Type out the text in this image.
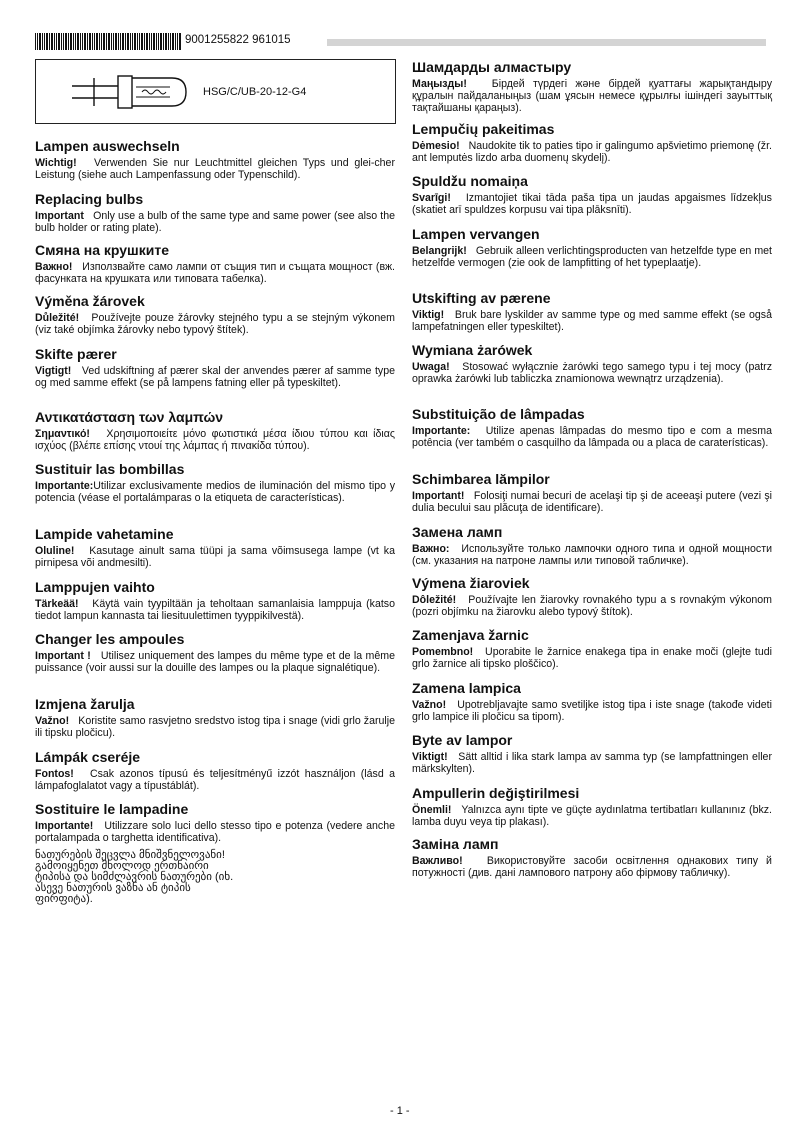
9001255822 961015
HSG/C/UB-20-12-G4
Lampen auswechseln

Wichtig! Verwenden Sie nur Leuchtmittel gleichen Typs und glei-cher Leistung (siehe auch Lampenfassung oder Typenschild).

Replacing bulbs

Important Only use a bulb of the same type and same power (see also the bulb holder or rating plate).

Смяна на крушките

Важно! Използвайте само лампи от същия тип и същата мощност (вж. фасунката на крушката или типовата табелка).

Výměna žárovek

Důležité! Používejte pouze žárovky stejného typu a se stejným výkonem (viz také objímka žárovky nebo typový štítek).

Skifte pærer

Vigtigt! Ved udskiftning af pærer skal der anvendes pærer af samme type og med samme effekt (se på lampens fatning eller på typeskiltet).

Αντικατάσταση των λαμπών

Σημαντικό! Χρησιμοποιείτε μόνο φωτιστικά μέσα ίδιου τύπου και ίδιας ισχύος (βλέπε επίσης ντουί της λάμπας ή πινακίδα τύπου).

Sustituir las bombillas

Importante:Utilizar exclusivamente medios de iluminación del mismo tipo y potencia (véase el portalámparas o la etiqueta de características).

Lampide vahetamine

Oluline! Kasutage ainult sama tüüpi ja sama võimsusega lampe (vt ka pirnipesa või andmesilti).

Lamppujen vaihto

Tärkeää! Käytä vain tyypiltään ja teholtaan samanlaisia lamppuja (katso tiedot lampun kannasta tai liesituulettimen tyyppikilvestä).

Changer les ampoules

Important ! Utilisez uniquement des lampes du même type et de la même puissance (voir aussi sur la douille des lampes ou la plaque signalétique).

Izmjena žarulja

Važno! Koristite samo rasvjetno sredstvo istog tipa i snage (vidi grlo žarulje ili tipsku pločicu).

Lámpák cseréje

Fontos! Csak azonos típusú és teljesítményű izzót használjon (lásd a lámpafoglalatot vagy a típustáblát).

Sostituire le lampadine

Importante! Utilizzare solo luci dello stesso tipo e potenza (vedere anche portalampada o targhetta identificativa).

ნათურების შეცვლა მნიშვნელოვანი! გამოიყენეთ მხოლოდ ერთნაირი ტიპისა და სიმძლავრის ნათურები (იხ. ასევე ნათურის ვაზნა ან ტიპის ფირფიტა).
Шамдарды алмастыру

Маңызды! Бірдей түрдегі және бірдей қуаттағы жарықтандыру құралын пайдаланыңыз (шам ұясын немесе құрылғы ішіндегі зауыттық тақтайшаны қараңыз).

Lempučių pakeitimas

Dėmesio! Naudokite tik to paties tipo ir galingumo apšvietimo priemonę (žr. ant lemputės lizdo arba duomenų skydelį).

Spuldžu nomaiņa

Svarīgi! Izmantojiet tikai tāda paša tipa un jaudas apgaismes līdzekļus (skatiet arī spuldzes korpusu vai tipa plāksnīti).

Lampen vervangen

Belangrijk! Gebruik alleen verlichtingsproducten van hetzelfde type en met hetzelfde vermogen (zie ook de lampfitting of het typeplaatje).

Utskifting av pærene

Viktig! Bruk bare lyskilder av samme type og med samme effekt (se også lampefatningen eller typeskiltet).

Wymiana żarówek

Uwaga! Stosować wyłącznie żarówki tego samego typu i tej mocy (patrz oprawka żarówki lub tabliczka znamionowa wewnątrz urządzenia).

Substituição de lâmpadas

Importante: Utilize apenas lâmpadas do mesmo tipo e com a mesma potência (ver também o casquilho da lâmpada ou a placa de caraterísticas).

Schimbarea lămpilor

Important! Folosiţi numai becuri de acelaşi tip şi de aceeaşi putere (vezi şi dulia becului sau plăcuţa de identificare).

Замена ламп

Важно: Используйте только лампочки одного типа и одной мощности (см. указания на патроне лампы или типовой табличке).

Výmena žiaroviek

Dôležité! Používajte len žiarovky rovnakého typu a s rovnakým výkonom (pozri objímku na žiarovku alebo typový štítok).

Zamenjava žarnic

Pomembno! Uporabite le žarnice enakega tipa in enake moči (glejte tudi grlo žarnice ali tipsko ploščico).

Zamena lampica

Važno! Upotrebljavajte samo svetiljke istog tipa i iste snage (takođe videti grlo lampice ili pločicu sa tipom).

Byte av lampor

Viktigt! Sätt alltid i lika stark lampa av samma typ (se lampfattningen eller märkskylten).

Ampullerin değiştirilmesi

Önemli! Yalnızca aynı tipte ve güçte aydınlatma tertibatları kullanınız (bkz. lamba duyu veya tip plakası).

Заміна ламп

Важливо! Використовуйте засоби освітлення однакових типу й потужності (див. дані лампового патрону або фірмову табличку).

- 1 -
